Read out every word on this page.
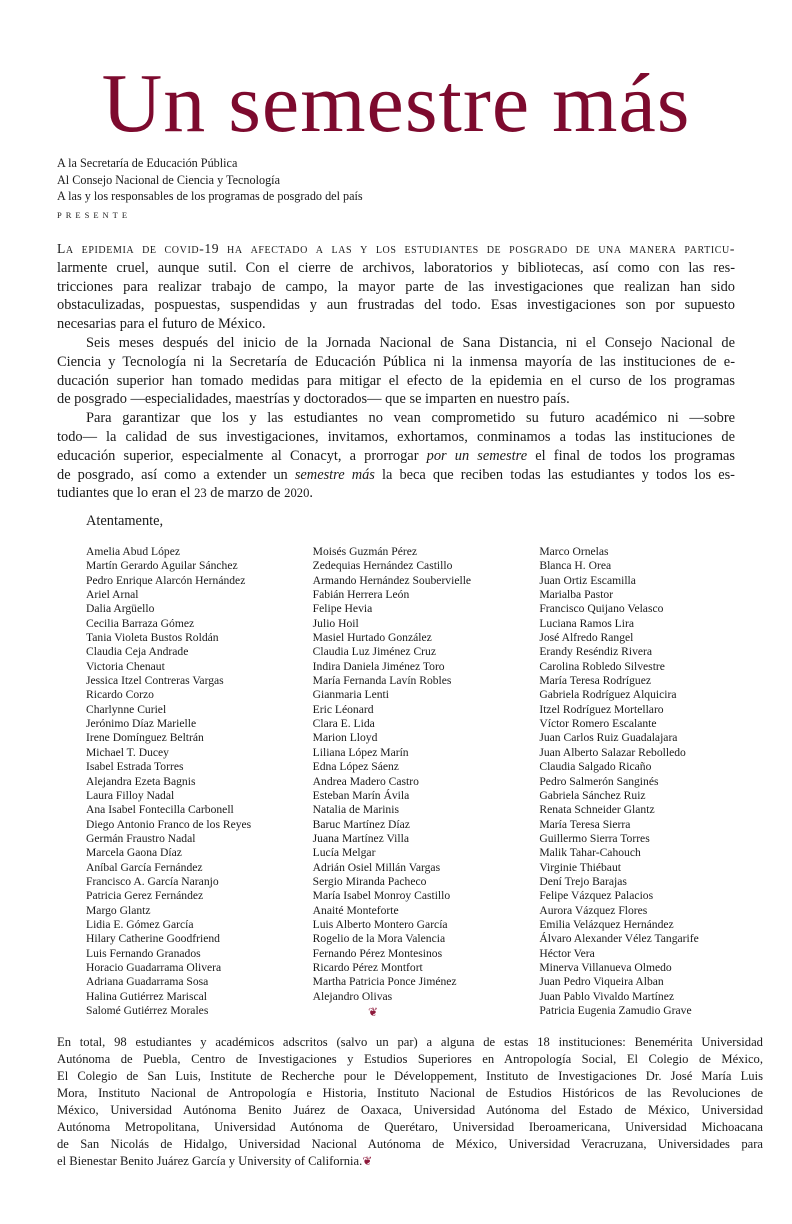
Un semestre más
A la Secretaría de Educación Pública
Al Consejo Nacional de Ciencia y Tecnología
A las y los responsables de los programas de posgrado del país
PRESENTE
La epidemia de covid-19 ha afectado a las y los estudiantes de posgrado de una manera particu-
larmente cruel, aunque sutil. Con el cierre de archivos, laboratorios y bibliotecas, así como con las res-
tricciones para realizar trabajo de campo, la mayor parte de las investigaciones que realizan han sido
obstaculizadas, pospuestas, suspendidas y aun frustradas del todo. Esas investigaciones son por supuesto
necesarias para el futuro de México.
Seis meses después del inicio de la Jornada Nacional de Sana Distancia, ni el Consejo Nacional de
Ciencia y Tecnología ni la Secretaría de Educación Pública ni la inmensa mayoría de las instituciones de e-
ducación superior han tomado medidas para mitigar el efecto de la epidemia en el curso de los programas
de posgrado —especialidades, maestrías y doctorados— que se imparten en nuestro país.
Para garantizar que los y las estudiantes no vean comprometido su futuro académico ni —sobre
todo— la calidad de sus investigaciones, invitamos, exhortamos, conminamos a todas las instituciones de
educación superior, especialmente al Conacyt, a prorrogar por un semestre el final de todos los programas
de posgrado, así como a extender un semestre más la beca que reciben todas las estudiantes y todos los es-
tudiantes que lo eran el 23 de marzo de 2020.
Atentamente,
Amelia Abud López
Martín Gerardo Aguilar Sánchez
Pedro Enrique Alarcón Hernández
Ariel Arnal
Dalia Argüello
Cecilia Barraza Gómez
Tania Violeta Bustos Roldán
Claudia Ceja Andrade
Victoria Chenaut
Jessica Itzel Contreras Vargas
Ricardo Corzo
Charlynne Curiel
Jerónimo Díaz Marielle
Irene Domínguez Beltrán
Michael T. Ducey
Isabel Estrada Torres
Alejandra Ezeta Bagnis
Laura Filloy Nadal
Ana Isabel Fontecilla Carbonell
Diego Antonio Franco de los Reyes
Germán Fraustro Nadal
Marcela Gaona Díaz
Aníbal García Fernández
Francisco A. García Naranjo
Patricia Gerez Fernández
Margo Glantz
Lidia E. Gómez García
Hilary Catherine Goodfriend
Luis Fernando Granados
Horacio Guadarrama Olivera
Adriana Guadarrama Sosa
Halina Gutiérrez Mariscal
Salomé Gutiérrez Morales
Moisés Guzmán Pérez
Zedequias Hernández Castillo
Armando Hernández Soubervielle
Fabián Herrera León
Felipe Hevia
Julio Hoil
Masiel Hurtado González
Claudia Luz Jiménez Cruz
Indira Daniela Jiménez Toro
María Fernanda Lavín Robles
Gianmaria Lenti
Eric Léonard
Clara E. Lida
Marion Lloyd
Liliana López Marín
Edna López Sáenz
Andrea Madero Castro
Esteban Marín Ávila
Natalia de Marinis
Baruc Martínez Díaz
Juana Martínez Villa
Lucía Melgar
Adrián Osiel Millán Vargas
Sergio Miranda Pacheco
María Isabel Monroy Castillo
Anaité Monteforte
Luis Alberto Montero García
Rogelio de la Mora Valencia
Fernando Pérez Montesinos
Ricardo Pérez Montfort
Martha Patricia Ponce Jiménez
Alejandro Olivas
Marco Ornelas
Blanca H. Orea
Juan Ortiz Escamilla
Marialba Pastor
Francisco Quijano Velasco
Luciana Ramos Lira
José Alfredo Rangel
Erandy Reséndiz Rivera
Carolina Robledo Silvestre
María Teresa Rodríguez
Gabriela Rodríguez Alquicira
Itzel Rodríguez Mortellaro
Víctor Romero Escalante
Juan Carlos Ruiz Guadalajara
Juan Alberto Salazar Rebolledo
Claudia Salgado Ricaño
Pedro Salmerón Sanginés
Gabriela Sánchez Ruiz
Renata Schneider Glantz
María Teresa Sierra
Guillermo Sierra Torres
Malik Tahar-Cahouch
Virginie Thiébaut
Dení Trejo Barajas
Felipe Vázquez Palacios
Aurora Vázquez Flores
Emilia Velázquez Hernández
Álvaro Alexander Vélez Tangarife
Héctor Vera
Minerva Villanueva Olmedo
Juan Pedro Viqueira Alban
Juan Pablo Vivaldo Martínez
Patricia Eugenia Zamudio Grave
❦
En total, 98 estudiantes y académicos adscritos (salvo un par) a alguna de estas 18 instituciones: Benemérita Universidad
Autónoma de Puebla, Centro de Investigaciones y Estudios Superiores en Antropología Social, El Colegio de México,
El Colegio de San Luis, Institute de Recherche pour le Développement, Instituto de Investigaciones Dr. José María Luis
Mora, Instituto Nacional de Antropología e Historia, Instituto Nacional de Estudios Históricos de las Revoluciones de
México, Universidad Autónoma Benito Juárez de Oaxaca, Universidad Autónoma del Estado de México, Universidad
Autónoma Metropolitana, Universidad Autónoma de Querétaro, Universidad Iberoamericana, Universidad Michoacana
de San Nicolás de Hidalgo, Universidad Nacional Autónoma de México, Universidad Veracruzana, Universidades para
el Bienestar Benito Juárez García y University of California.❦
